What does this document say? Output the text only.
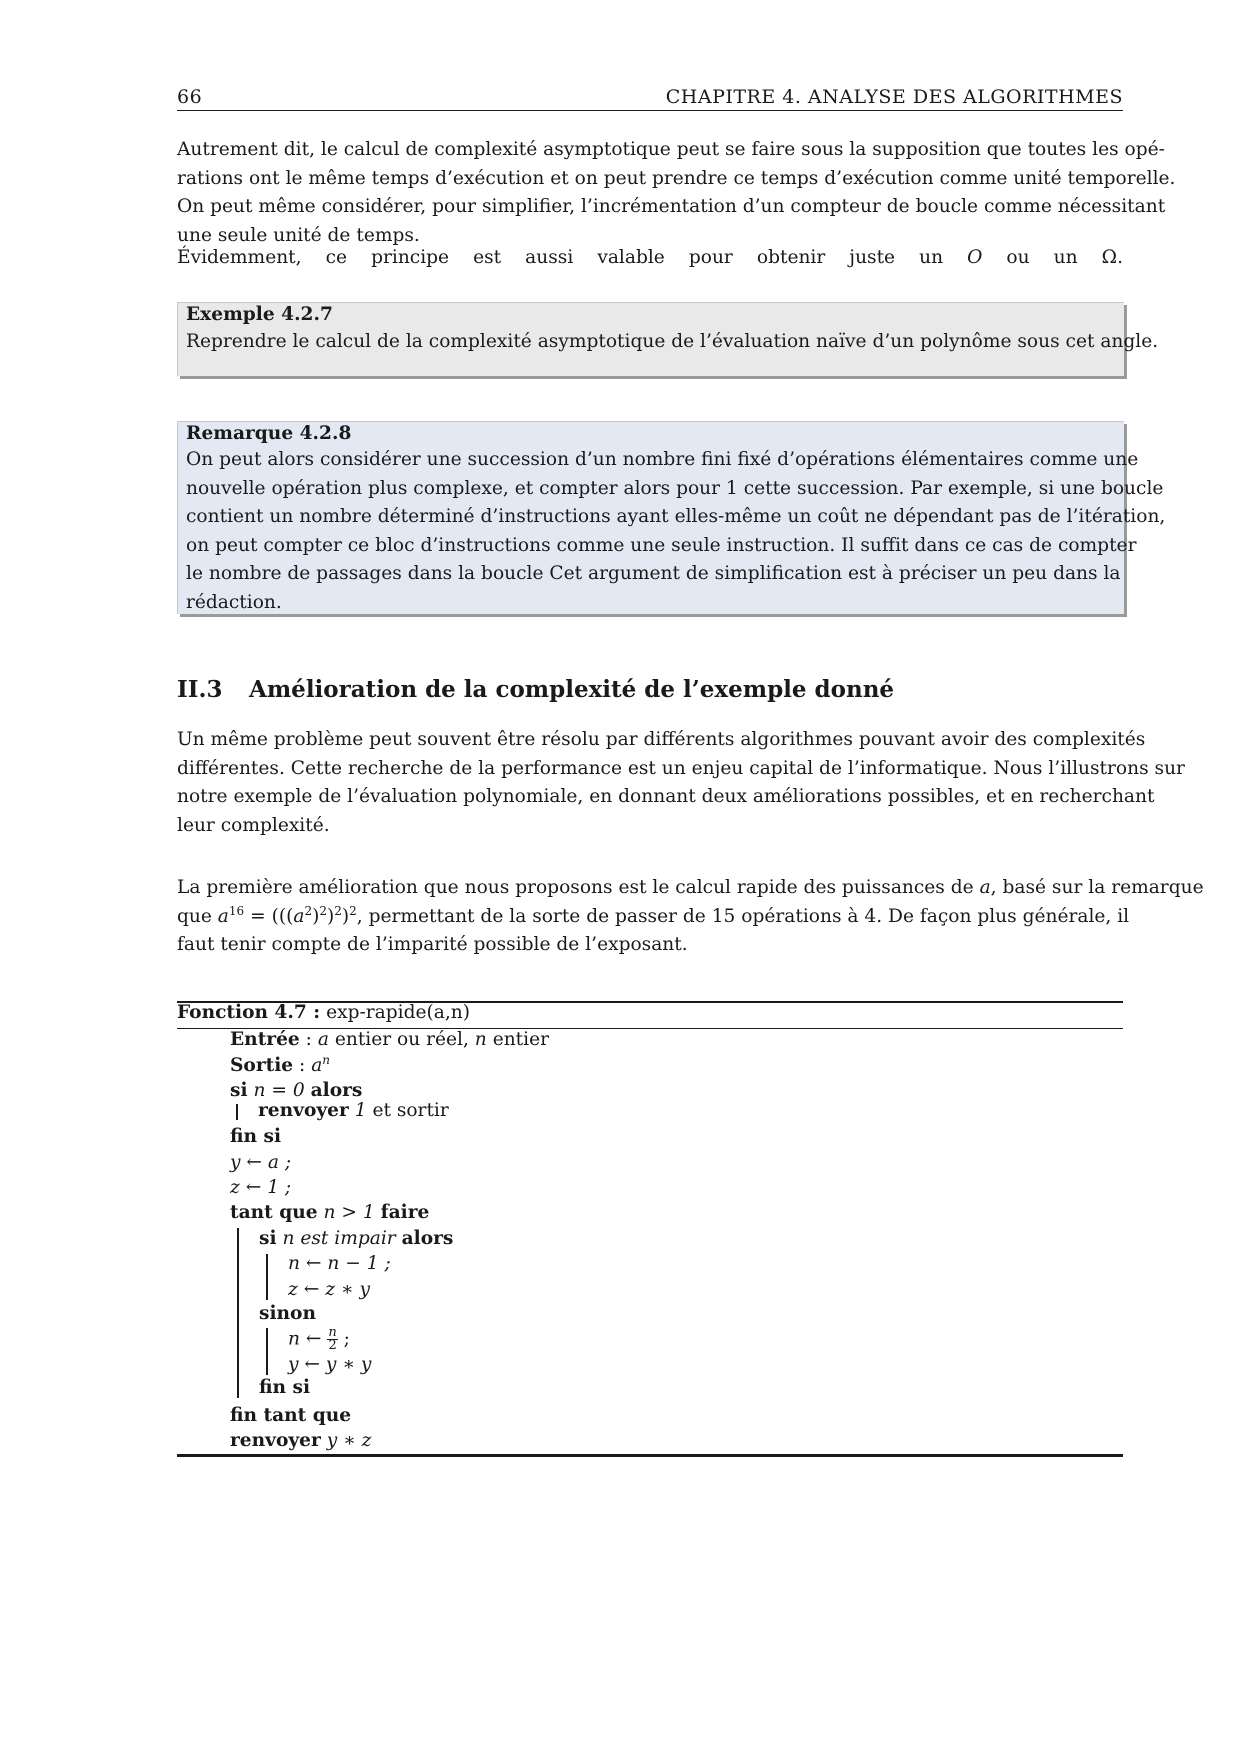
66	CHAPITRE 4. ANALYSE DES ALGORITHMES
Autrement dit, le calcul de complexité asymptotique peut se faire sous la supposition que toutes les opé-
rations ont le même temps d’exécution et on peut prendre ce temps d’exécution comme unité temporelle.
On peut même considérer, pour simplifier, l’incrémentation d’un compteur de boucle comme nécessitant
une seule unité de temps.
Évidemment, ce principe est aussi valable pour obtenir juste un O ou un Ω.
Exemple 4.2.7
Reprendre le calcul de la complexité asymptotique de l’évaluation naïve d’un polynôme sous cet angle.
Remarque 4.2.8
On peut alors considérer une succession d’un nombre fini fixé d’opérations élémentaires comme une
nouvelle opération plus complexe, et compter alors pour 1 cette succession. Par exemple, si une boucle
contient un nombre déterminé d’instructions ayant elles-même un coût ne dépendant pas de l’itération,
on peut compter ce bloc d’instructions comme une seule instruction. Il suffit dans ce cas de compter
le nombre de passages dans la boucle Cet argument de simplification est à préciser un peu dans la
rédaction.
II.3 Amélioration de la complexité de l’exemple donné
Un même problème peut souvent être résolu par différents algorithmes pouvant avoir des complexités
différentes. Cette recherche de la performance est un enjeu capital de l’informatique. Nous l’illustrons sur
notre exemple de l’évaluation polynomiale, en donnant deux améliorations possibles, et en recherchant
leur complexité.
La première amélioration que nous proposons est le calcul rapide des puissances de a, basé sur la remarque
que $a^{16} = (((a^2)^2)^2)^2$, permettant de la sorte de passer de 15 opérations à 4. De façon plus générale, il
faut tenir compte de l’imparité possible de l’exposant.
Fonction 4.7 : exp-rapide(a,n)
Entrée : a entier ou réel, n entier
Sortie : $a^n$
si n = 0 alors
renvoyer 1 et sortir
fin si
y ← a ;
z ← 1 ;
tant que n > 1 faire
si n est impair alors
n ← n − 1 ;
z ← z ∗ y
sinon
n ← $\frac{n}{2}$ ;
y ← y ∗ y
fin si
fin tant que
renvoyer y ∗ z
